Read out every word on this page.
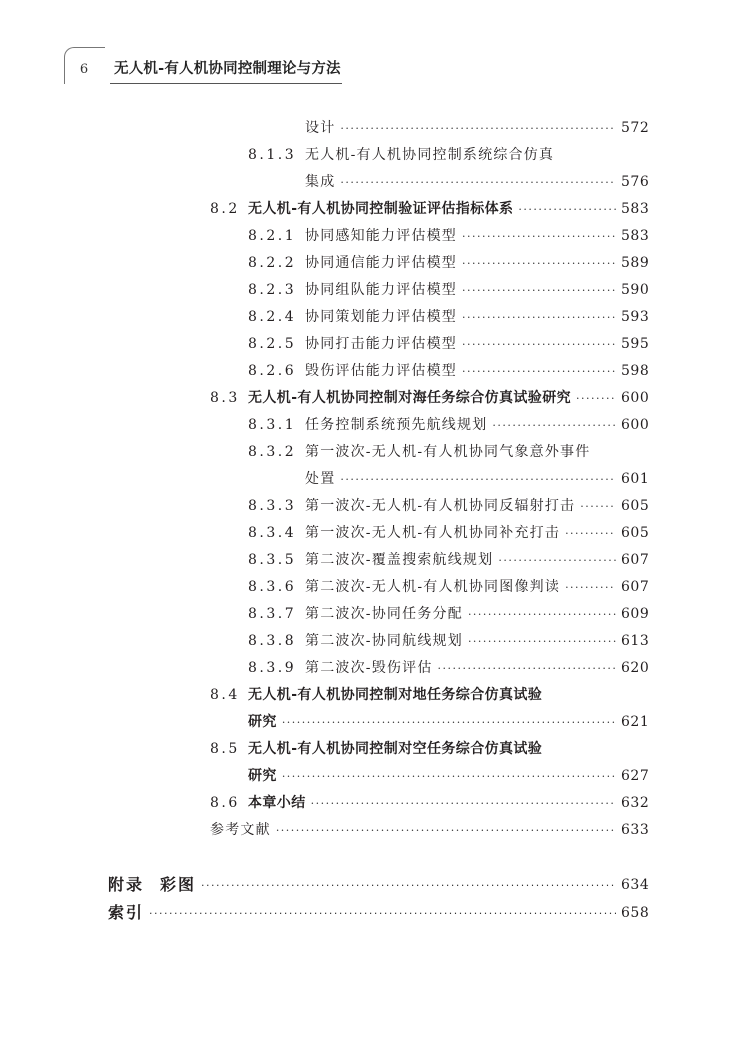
6	无人机-有人机协同控制理论与方法
设计 ·····	572
8.1.3 无人机-有人机协同控制系统综合仿真
集成 ·····	576
8.2 无人机-有人机协同控制验证评估指标体系 ·····	583
8.2.1 协同感知能力评估模型 ·····	583
8.2.2 协同通信能力评估模型 ·····	589
8.2.3 协同组队能力评估模型 ·····	590
8.2.4 协同策划能力评估模型 ·····	593
8.2.5 协同打击能力评估模型 ·····	595
8.2.6 毁伤评估能力评估模型 ·····	598
8.3 无人机-有人机协同控制对海任务综合仿真试验研究 ·····	600
8.3.1 任务控制系统预先航线规划 ·····	600
8.3.2 第一波次-无人机-有人机协同气象意外事件
处置 ·····	601
8.3.3 第一波次-无人机-有人机协同反辐射打击 ·····	605
8.3.4 第一波次-无人机-有人机协同补充打击 ·····	605
8.3.5 第二波次-覆盖搜索航线规划 ·····	607
8.3.6 第二波次-无人机-有人机协同图像判读 ·····	607
8.3.7 第二波次-协同任务分配 ·····	609
8.3.8 第二波次-协同航线规划 ·····	613
8.3.9 第二波次-毁伤评估 ·····	620
8.4 无人机-有人机协同控制对地任务综合仿真试验
研究 ·····	621
8.5 无人机-有人机协同控制对空任务综合仿真试验
研究 ·····	627
8.6 本章小结 ·····	632
参考文献 ·····	633
附录 彩图 ·····	634
索引 ·····	658
